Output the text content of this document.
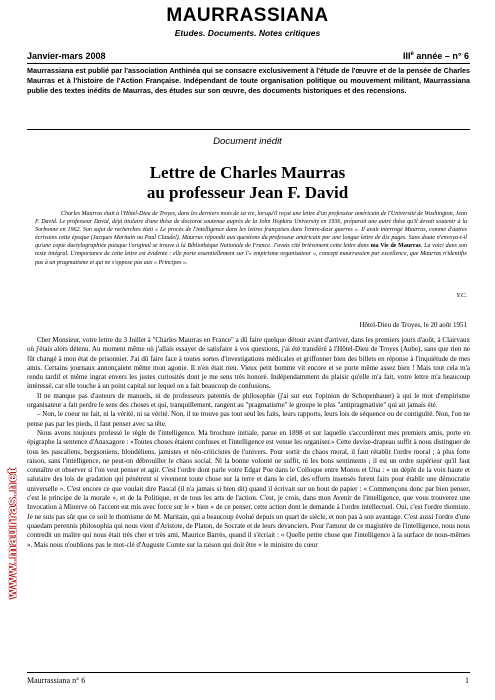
MAURRASSIANA
Etudes. Documents. Notes critiques
Janvier-mars 2008	IIIe année – n° 6

Maurrassiana est publié par l'association Anthinéa qui se consacre exclusivement à l'étude de l'œuvre et de la pensée de Charles Maurras et à l'histoire de l'Action Française. Indépendant de toute organisation politique ou mouvement militant, Maurrassiana publie des textes inédits de Maurras, des études sur son œuvre, des documents historiques et des recensions.

Document inédit
Lettre de Charles Maurras
au professeur Jean F. David

Charles Maurras était à l'Hôtel-Dieu de Troyes, dans les derniers mois de sa vie, lorsqu'il reçut une lettre d'un professeur américain de l'Université de Washington, Jean F. David. Le professeur David, déjà titulaire d'une thèse de doctorat soutenue auprès de la John Hopkins University en 1936, préparait une autre thèse qu'il devait soutenir à la Sorbonne en 1962. Son sujet de recherches était « Le procès de l'intelligence dans les lettres françaises dans l'entre-deux guerres ». Il avait interrogé Maurras, comme d'autres écrivains cette époque (Jacques Maritain ou Paul Claudel). Maurras répondit aux questions du professeur américain par une longue lettre de dix pages. Sans doute n'envoya-t-il qu'une copie dactylographiée puisque l'original se trouve à la Bibliothèque Nationale de France. J'avais cité brièvement cette lettre dans ma Vie de Maurras. La voici dans son texte intégral. L'importance de cette lettre est évidente : elle porte essentiellement sur l'« empirisme organisateur », concept maurrassien par excellence, que Maurras n'identifie pas à un pragmatisme et qui ne s'oppose pas aux « Principes ».

Y.C.
Hôtel-Dieu de Troyes, le 20 août 1951

Cher Monsieur, votre lettre du 3 Juillet à "Charles Maurras en France" a dû faire quelque détour avant d'arriver, dans les premiers jours d'août, à Clairvaux où j'étais alors détenu. Au moment même où j'allais essayer de satisfaire à vos questions, j'ai été transféré à l'Hôtel-Dieu de Troyes (Aube), sans que rien ne fût changé à mon état de prisonnier. J'ai dû faire face à toutes sortes d'investigations médicales et griffonner bien des billets en réponse à l'inquiétude de mes amis. Certains journaux annonçaient même mon agonie. Il n'en était rien. Vieux petit homme vit encore et se porte même assez bien ! Mais tout cela m'a rendu tardif et même ingrat envers les justes curiosités dont je me sens très honoré. Indépendamment du plaisir qu'elle m'a fait, votre lettre m'a beaucoup intéressé, car elle touche à un point capital sur lequel on a fait beaucoup de confusions.

Il ne manque pas d'auteurs de manuels, ni de professeurs patentés de philosophie (j'ai sur eux l'opinion de Schopenhauer) à qui le mot d'empirisme organisateur a fait perdre le sens des choses et qui, tranquillement, rangent au "pragmatisme" le groupe le plus "antipragmatiste" qui ait jamais été.

– Non, le coeur ne fait, ni la vérité, ni sa vérité. Non, il ne trouve pas tout seul les faits, leurs rapports, leurs lois de séquence ou de contiguïté. Non, l'on ne pense pas par les pieds, il faut penser avec sa tête.

Nous avons toujours professé le règle de l'intelligence. Ma brochure initiale, parue en 1898 et sur laquelle s'accordèrent mes premiers amis, porte en épigraphe la sentence d'Anaxagore : «Toutes choses étaient confuses et l'intelligence est venue les organiser.» Cette devise-drapeau suffit à nous distinguer de tous les pascaliens, bergsoniens, blondéliens, jamistes et néo-criticistes de l'univers. Pour sortir du chaos moral, il faut rétablir l'ordre moral ; à plus forte raison, sans l'intelligence, ne peut-on débrouiller le chaos social. Ni la bonne volonté ne suffit, ni les bons sentiments ; il est un ordre supérieur qu'il faut connaître et observer si l'on veut penser et agir. C'est l'ordre dont parle votre Edgar Poe dans le Colloque entre Monos et Una : « un dépôt de la voix haute et salutaire des lois de gradation qui pénètrent si vivement toute chose sur la terre et dans le ciel, des efforts insensés furent faits pour établir une démocratie universelle ». C'est encore ce que voulait dire Pascal (il n'a jamais si bien dit) quand il écrivait sur un bout de papier : « Commençons donc par bien penser, c'est le principe de la morale », et de la Politique, et de tous les arts de l'action. C'est, je crois, dans mon Avenir de l'intelligence, que vous trouverez une Invocation à Minerve où l'accent est mis avec force sur le « bien » de ce penser, cette action dont le demande à l'ordre intellectuel. Oui, c'est l'ordre thomiste. Je ne suis pas sûr que ce soit le thomisme de M. Maritain, qui a beaucoup évolué depuis un quart de siècle, et non pas à son avantage. C'est aussi l'ordre d'une quaedam perennis philosophia qui nous vient d'Aristote, de Platon, de Socrate et de leurs devanciers. Pour l'amour de ce magistère de l'intelligence, nous nous contredit un maître qui nous était très cher et très ami, Maurice Barrès, quand il s'écriait : « Quelle petite chose que l'intelligence à la surface de nous-mêmes ». Mais nous n'oublions pas le mot-clé d'Auguste Comte sur la raison qui doit être « le ministre du cœur

Maurrassiana n° 6	1
www.maurras.net
